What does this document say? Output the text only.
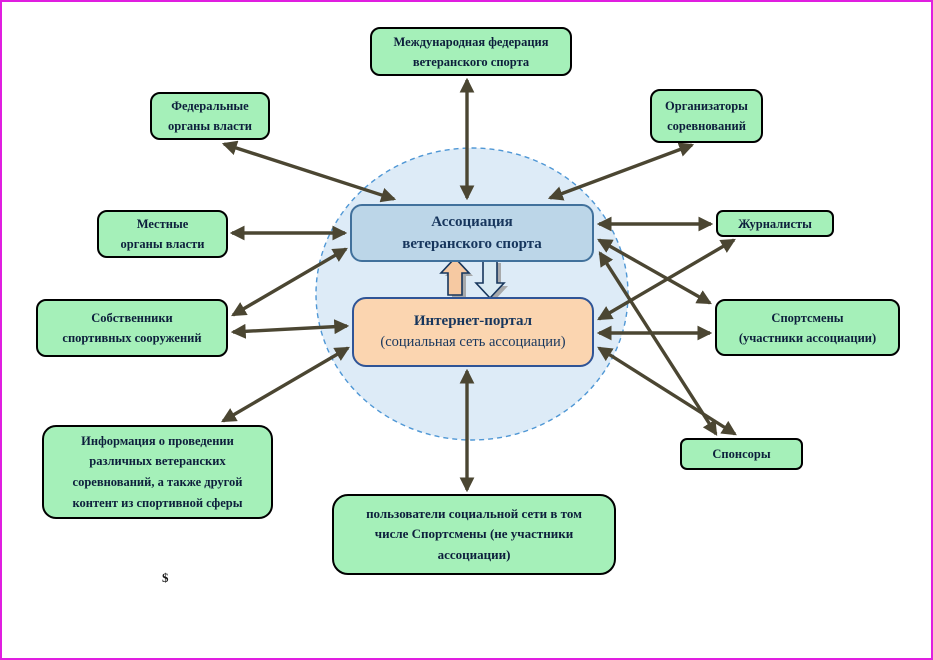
Международная федерация
ветеранского спорта
Федеральные
органы власти
Организаторы
соревнований
Местные
органы власти
Журналисты
Собственники
спортивных сооружений
Спортсмены
(участники ассоциации)
Спонсоры
Информация о проведении
различных ветеранских
соревнований, а также другой
контент из спортивной сферы
пользователи социальной сети в том
числе Спортсмены (не участники
ассоциации)
Ассоциация
ветеранского спорта
Интернет-портал
(социальная сеть ассоциации)
$
